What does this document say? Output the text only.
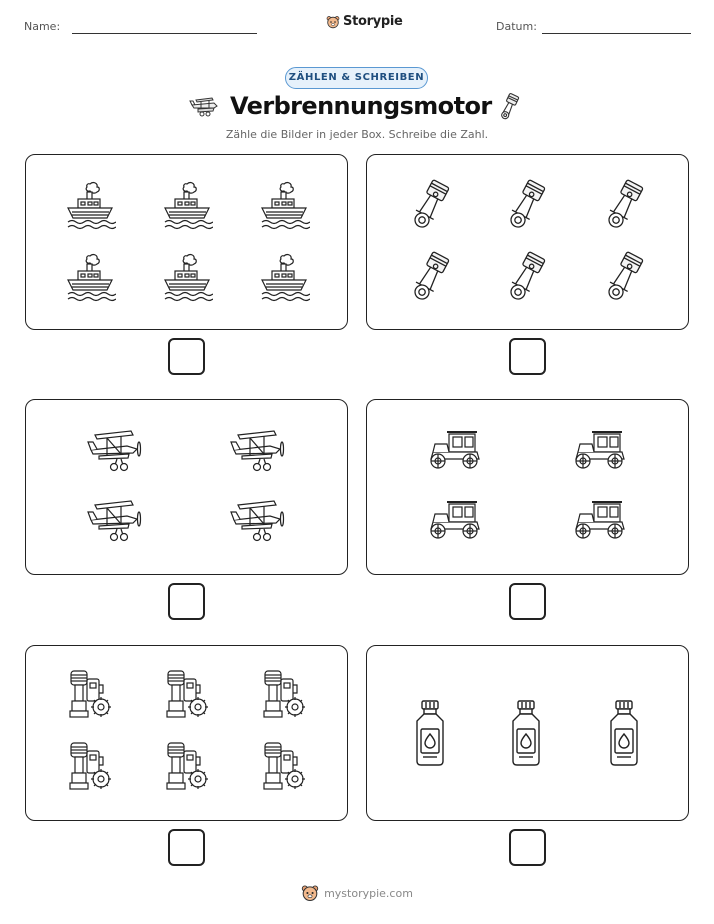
Name:	Storypie	Datum:
ZÄHLEN & SCHREIBEN
Verbrennungsmotor
Zähle die Bilder in jeder Box. Schreibe die Zahl.
mystorypie.com
